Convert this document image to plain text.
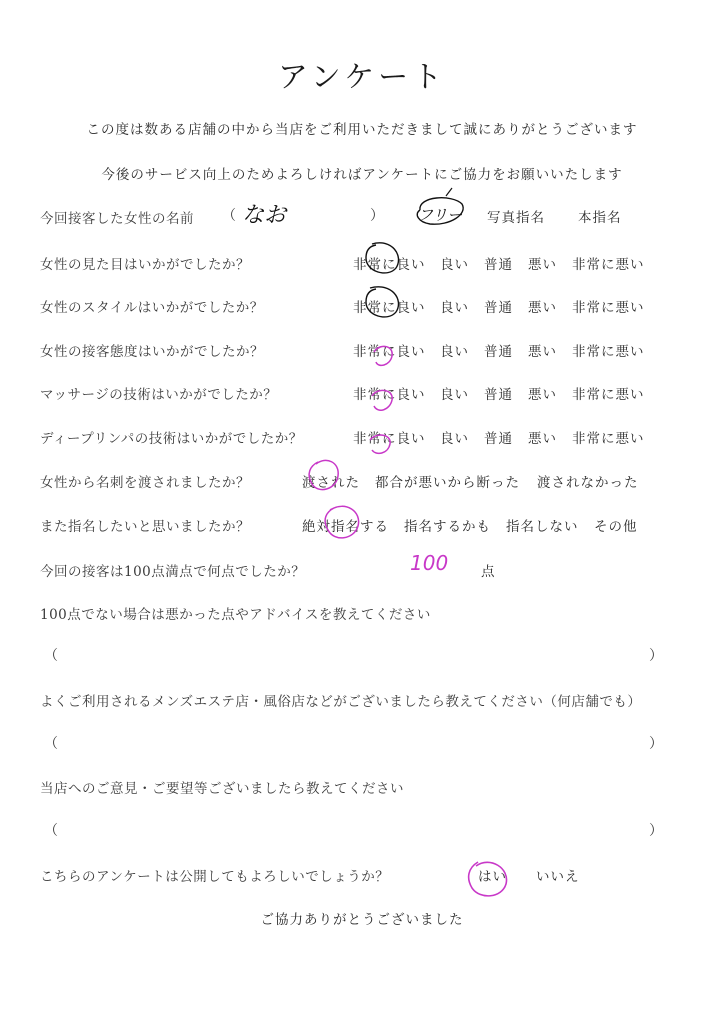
アンケート
この度は数ある店舗の中から当店をご利用いただきまして誠にありがとうございます
今後のサービス向上のためよろしければアンケートにご協力をお願いいたします
今回接客した女性の名前 （ なお	） フリー 写真指名 本指名
女性の見た目はいかがでしたか？	非常に良い 良い 普通 悪い 非常に悪い
女性のスタイルはいかがでしたか？	非常に良い 良い 普通 悪い 非常に悪い
女性の接客態度はいかがでしたか？	非常に良い 良い 普通 悪い 非常に悪い
マッサージの技術はいかがでしたか？	非常に良い 良い 普通 悪い 非常に悪い
ディープリンパの技術はいかがでしたか？	非常に良い 良い 普通 悪い 非常に悪い
女性から名刺を渡されましたか？	渡された 都合が悪いから断った 渡されなかった
また指名したいと思いましたか？	絶対指名する 指名するかも 指名しない その他
今回の接客は100点満点で何点でしたか？	100 点
100点でない場合は悪かった点やアドバイスを教えてください
（	）
よくご利用されるメンズエステ店・風俗店などがございましたら教えてください（何店舗でも）
（	）
当店へのご意見・ご要望等ございましたら教えてください
（	）
こちらのアンケートは公開してもよろしいでしょうか？	はい いいえ
ご協力ありがとうございました
